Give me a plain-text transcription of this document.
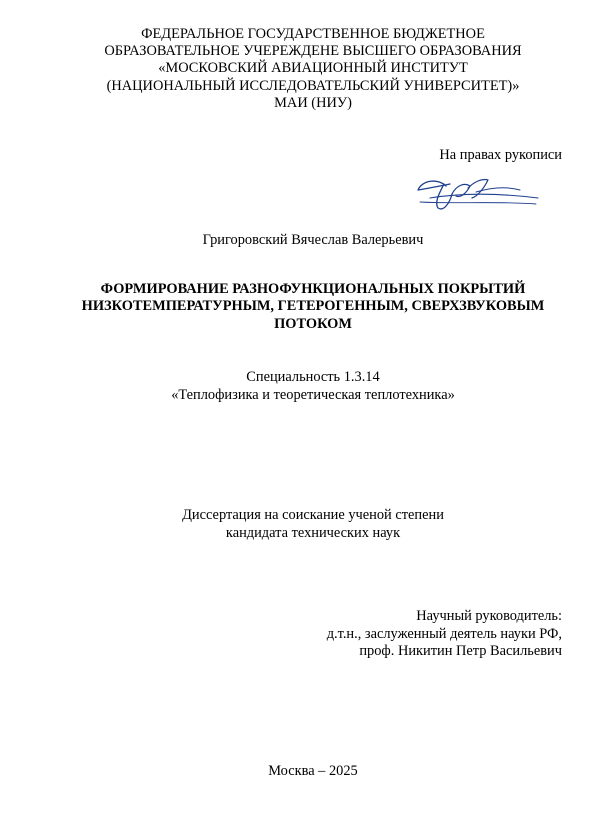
ФЕДЕРАЛЬНОЕ ГОСУДАРСТВЕННОЕ БЮДЖЕТНОЕ
ОБРАЗОВАТЕЛЬНОЕ УЧЕРЕЖДЕНЕ ВЫСШЕГО ОБРАЗОВАНИЯ
«МОСКОВСКИЙ АВИАЦИОННЫЙ ИНСТИТУТ
(НАЦИОНАЛЬНЫЙ ИССЛЕДОВАТЕЛЬСКИЙ УНИВЕРСИТЕТ)»
МАИ (НИУ)
На правах рукописи
Григоровский Вячеслав Валерьевич
ФОРМИРОВАНИЕ РАЗНОФУНКЦИОНАЛЬНЫХ ПОКРЫТИЙ
НИЗКОТЕМПЕРАТУРНЫМ, ГЕТЕРОГЕННЫМ, СВЕРХЗВУКОВЫМ
ПОТОКОМ
Специальность 1.3.14
«Теплофизика и теоретическая теплотехника»
Диссертация на соискание ученой степени
кандидата технических наук
Научный руководитель:
д.т.н., заслуженный деятель науки РФ,
проф. Никитин Петр Васильевич
Москва – 2025
